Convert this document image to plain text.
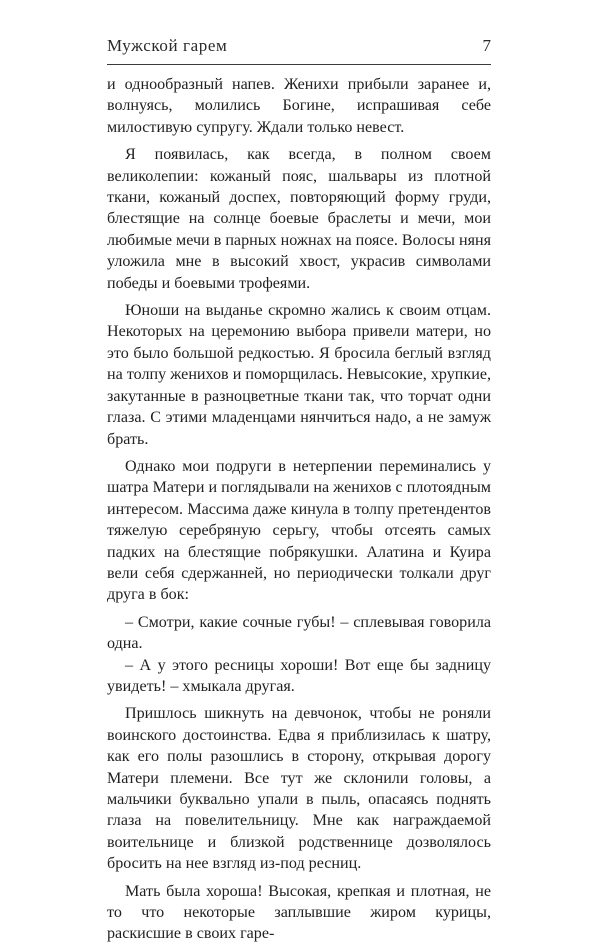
Мужской гарем	7

и однообразный напев. Женихи прибыли заранее и, волнуясь, молились Богине, испрашивая себе милостивую супругу. Ждали только невест.

Я появилась, как всегда, в полном своем великолепии: кожаный пояс, шальвары из плотной ткани, кожаный доспех, повторяющий форму груди, блестящие на солнце боевые браслеты и мечи, мои любимые мечи в парных ножнах на поясе. Волосы няня уложила мне в высокий хвост, украсив символами победы и боевыми трофеями.

Юноши на выданье скромно жались к своим отцам. Некоторых на церемонию выбора привели матери, но это было большой редкостью. Я бросила беглый взгляд на толпу женихов и поморщилась. Невысокие, хрупкие, закутанные в разноцветные ткани так, что торчат одни глаза. С этими младенцами нянчиться надо, а не замуж брать.

Однако мои подруги в нетерпении переминались у шатра Матери и поглядывали на женихов с плотоядным интересом. Массима даже кинула в толпу претендентов тяжелую серебряную серьгу, чтобы отсеять самых падких на блестящие побрякушки. Алатина и Куира вели себя сдержанней, но периодически толкали друг друга в бок:

– Смотри, какие сочные губы! – сплевывая говорила одна.

– А у этого ресницы хороши! Вот еще бы задницу увидеть! – хмыкала другая.

Пришлось шикнуть на девчонок, чтобы не роняли воинского достоинства. Едва я приблизилась к шатру, как его полы разошлись в сторону, открывая дорогу Матери племени. Все тут же склонили головы, а мальчики буквально упали в пыль, опасаясь поднять глаза на повелительницу. Мне как награждаемой воительнице и близкой родственнице дозволялось бросить на нее взгляд из-под ресниц.

Мать была хороша! Высокая, крепкая и плотная, не то что некоторые заплывшие жиром курицы, раскисшие в своих гаре-
